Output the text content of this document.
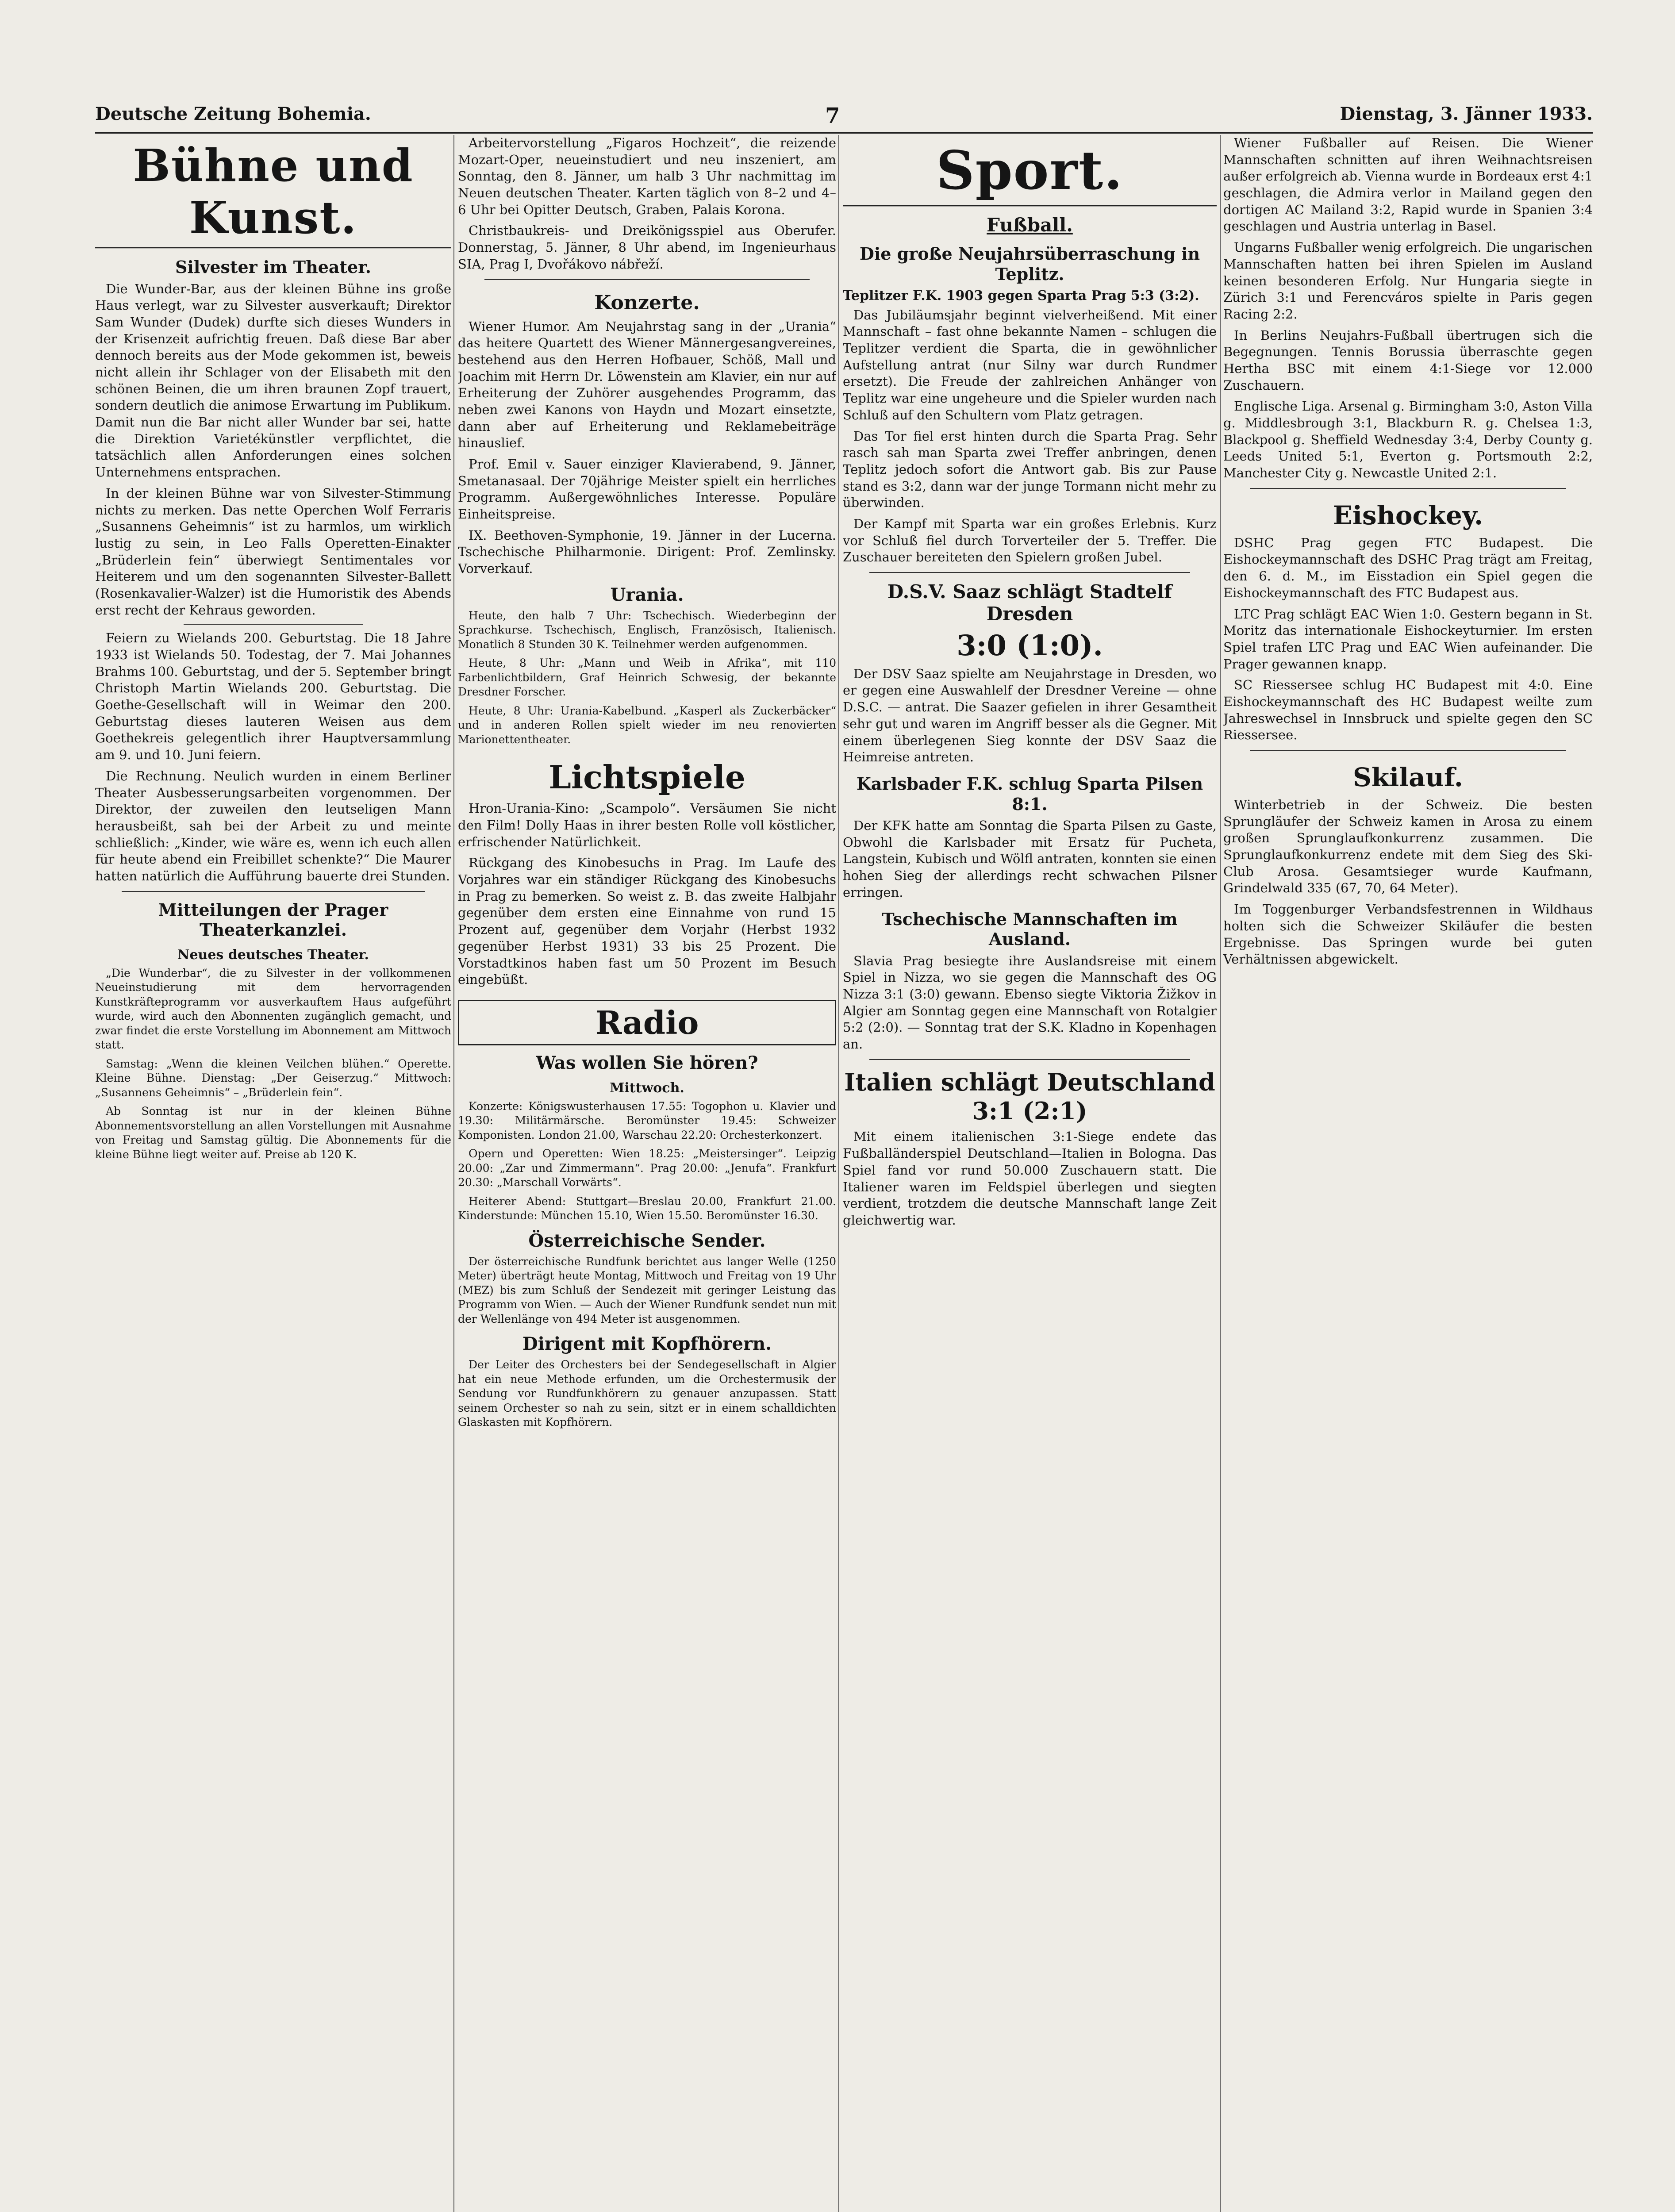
Deutsche Zeitung Bohemia.	7	Dienstag, 3. Jänner 1933.
Bühne und Kunst.
Silvester im Theater.

Die Wunder-Bar, aus der kleinen Bühne ins große Haus verlegt, war zu Silvester ausverkauft; Direktor Sam Wunder (Dudek) durfte sich dieses Wunders in der Krisenzeit aufrichtig freuen. Daß diese Bar aber dennoch bereits aus der Mode gekommen ist, beweis nicht allein ihr Schlager von der Elisabeth mit den schönen Beinen, die um ihren braunen Zopf trauert, sondern deutlich die animose Erwartung im Publikum. Damit nun die Bar nicht aller Wunder bar sei, hatte die Direktion Varietékünstler verpflichtet, die tatsächlich allen Anforderungen eines solchen Unternehmens entsprachen.

In der kleinen Bühne war von Silvester-Stimmung nichts zu merken. Das nette Operchen Wolf Ferraris „Susannens Geheimnis“ ist zu harmlos, um wirklich lustig zu sein, in Leo Falls Operetten-Einakter „Brüderlein fein“ überwiegt Sentimentales vor Heiterem und um den sogenannten Silvester-Ballett (Rosenkavalier-Walzer) ist die Humoristik des Abends erst recht der Kehraus geworden.

Feiern zu Wielands 200. Geburtstag. Die 18 Jahre 1933 ist Wielands 50. Todestag, der 7. Mai Johannes Brahms 100. Geburtstag, und der 5. September bringt Christoph Martin Wielands 200. Geburtstag. Die Goethe-Gesellschaft will in Weimar den 200. Geburtstag dieses lauteren Weisen aus dem Goethekreis gelegentlich ihrer Hauptversammlung am 9. und 10. Juni feiern.

Die Rechnung. Neulich wurden in einem Berliner Theater Ausbesserungsarbeiten vorgenommen. Der Direktor, der zuweilen den leutseligen Mann herausbeißt, sah bei der Arbeit zu und meinte schließlich: „Kinder, wie wäre es, wenn ich euch allen für heute abend ein Freibillet schenkte?“ Die Maurer hatten natürlich die Aufführung bauerte drei Stunden.

Mitteilungen der Prager Theaterkanzlei.
Neues deutsches Theater.

„Die Wunderbar“, die zu Silvester in der vollkommenen Neueinstudierung mit dem hervorragenden Kunstkräfteprogramm vor ausverkauftem Haus aufgeführt wurde, wird auch den Abonnenten zugänglich gemacht, und zwar findet die erste Vorstellung im Abonnement am Mittwoch statt.

Samstag: „Wenn die kleinen Veilchen blühen.“ Operette. Kleine Bühne. Dienstag: „Der Geiserzug.“ Mittwoch: „Susannens Geheimnis“ – „Brüderlein fein“.

Ab Sonntag ist nur in der kleinen Bühne Abonnementsvorstellung an allen Vorstellungen mit Ausnahme von Freitag und Samstag gültig. Die Abonnements für die kleine Bühne liegt weiter auf. Preise ab 120 K.

Arbeitervorstellung „Figaros Hochzeit“, die reizende Mozart-Oper, neueinstudiert und neu inszeniert, am Sonntag, den 8. Jänner, um halb 3 Uhr nachmittag im Neuen deutschen Theater. Karten täglich von 8–2 und 4–6 Uhr bei Opitter Deutsch, Graben, Palais Korona.

Christbaukreis- und Dreikönigsspiel aus Oberufer. Donnerstag, 5. Jänner, 8 Uhr abend, im Ingenieurhaus SIA, Prag I, Dvořákovo nábřeží.

Konzerte.

Wiener Humor. Am Neujahrstag sang in der „Urania“ das heitere Quartett des Wiener Männergesangvereines, bestehend aus den Herren Hofbauer, Schöß, Mall und Joachim mit Herrn Dr. Löwenstein am Klavier, ein nur auf Erheiterung der Zuhörer ausgehendes Programm, das neben zwei Kanons von Haydn und Mozart einsetzte, dann aber auf Erheiterung und Reklamebeiträge hinauslief.

Prof. Emil v. Sauer einziger Klavierabend, 9. Jänner, Smetanasaal. Der 70jährige Meister spielt ein herrliches Programm. Außergewöhnliches Interesse. Populäre Einheitspreise.

IX. Beethoven-Symphonie, 19. Jänner in der Lucerna. Tschechische Philharmonie. Dirigent: Prof. Zemlinsky. Vorverkauf.

Urania.

Heute, den halb 7 Uhr: Tschechisch. Wiederbeginn der Sprachkurse. Tschechisch, Englisch, Französisch, Italienisch. Monatlich 8 Stunden 30 K. Teilnehmer werden aufgenommen.

Heute, 8 Uhr: „Mann und Weib in Afrika“, mit 110 Farbenlichtbildern, Graf Heinrich Schwesig, der bekannte Dresdner Forscher.

Heute, 8 Uhr: Urania-Kabelbund. „Kasperl als Zuckerbäcker“ und in anderen Rollen spielt wieder im neu renovierten Marionettentheater.

Lichtspiele

Hron-Urania-Kino: „Scampolo“. Versäumen Sie nicht den Film! Dolly Haas in ihrer besten Rolle voll köstlicher, erfrischender Natürlichkeit.

Rückgang des Kinobesuchs in Prag. Im Laufe des Vorjahres war ein ständiger Rückgang des Kinobesuchs in Prag zu bemerken. So weist z. B. das zweite Halbjahr gegenüber dem ersten eine Einnahme von rund 15 Prozent auf, gegenüber dem Vorjahr (Herbst 1932 gegenüber Herbst 1931) 33 bis 25 Prozent. Die Vorstadtkinos haben fast um 50 Prozent im Besuch eingebüßt.

Radio
Was wollen Sie hören?
Mittwoch.

Konzerte: Königswusterhausen 17.55: Togophon u. Klavier und 19.30: Militärmärsche. Beromünster 19.45: Schweizer Komponisten. London 21.00, Warschau 22.20: Orchesterkonzert.

Opern und Operetten: Wien 18.25: „Meistersinger“. Leipzig 20.00: „Zar und Zimmermann“. Prag 20.00: „Jenufa“. Frankfurt 20.30: „Marschall Vorwärts“.

Heiterer Abend: Stuttgart—Breslau 20.00, Frankfurt 21.00. Kinderstunde: München 15.10, Wien 15.50. Beromünster 16.30.

Österreichische Sender.

Der österreichische Rundfunk berichtet aus langer Welle (1250 Meter) überträgt heute Montag, Mittwoch und Freitag von 19 Uhr (MEZ) bis zum Schluß der Sendezeit mit geringer Leistung das Programm von Wien. — Auch der Wiener Rundfunk sendet nun mit der Wellenlänge von 494 Meter ist ausgenommen.

Dirigent mit Kopfhörern.

Der Leiter des Orchesters bei der Sendegesellschaft in Algier hat ein neue Methode erfunden, um die Orchestermusik der Sendung vor Rundfunkhörern zu genauer anzupassen. Statt seinem Orchester so nah zu sein, sitzt er in einem schalldichten Glaskasten mit Kopfhörern.

Sport.
Fußball.
Die große Neujahrsüberraschung in Teplitz.
Teplitzer F.K. 1903 gegen Sparta Prag 5:3 (3:2).

Das Jubiläumsjahr beginnt vielverheißend. Mit einer Mannschaft – fast ohne bekannte Namen – schlugen die Teplitzer verdient die Sparta, die in gewöhnlicher Aufstellung antrat (nur Silny war durch Rundmer ersetzt). Die Freude der zahlreichen Anhänger von Teplitz war eine ungeheure und die Spieler wurden nach Schluß auf den Schultern vom Platz getragen.

Das Tor fiel erst hinten durch die Sparta Prag. Sehr rasch sah man Sparta zwei Treffer anbringen, denen Teplitz jedoch sofort die Antwort gab. Bis zur Pause stand es 3:2, dann war der junge Tormann nicht mehr zu überwinden.

Der Kampf mit Sparta war ein großes Erlebnis. Kurz vor Schluß fiel durch Torverteiler der 5. Treffer. Die Zuschauer bereiteten den Spielern großen Jubel.

D.S.V. Saaz schlägt Stadtelf Dresden
3:0 (1:0).

Der DSV Saaz spielte am Neujahrstage in Dresden, wo er gegen eine Auswahlelf der Dresdner Vereine — ohne D.S.C. — antrat. Die Saazer gefielen in ihrer Gesamtheit sehr gut und waren im Angriff besser als die Gegner. Mit einem überlegenen Sieg konnte der DSV Saaz die Heimreise antreten.

Karlsbader F.K. schlug Sparta Pilsen 8:1.

Der KFK hatte am Sonntag die Sparta Pilsen zu Gaste, Obwohl die Karlsbader mit Ersatz für Pucheta, Langstein, Kubisch und Wölfl antraten, konnten sie einen hohen Sieg der allerdings recht schwachen Pilsner erringen.

Tschechische Mannschaften im Ausland.

Slavia Prag besiegte ihre Auslandsreise mit einem Spiel in Nizza, wo sie gegen die Mannschaft des OG Nizza 3:1 (3:0) gewann. Ebenso siegte Viktoria Žižkov in Algier am Sonntag gegen eine Mannschaft von Rotalgier 5:2 (2:0). — Sonntag trat der S.K. Kladno in Kopenhagen an.

Italien schlägt Deutschland 3:1 (2:1)

Mit einem italienischen 3:1-Siege endete das Fußballänderspiel Deutschland—Italien in Bologna. Das Spiel fand vor rund 50.000 Zuschauern statt. Die Italiener waren im Feldspiel überlegen und siegten verdient, trotzdem die deutsche Mannschaft lange Zeit gleichwertig war.

Wiener Fußballer auf Reisen. Die Wiener Mannschaften schnitten auf ihren Weihnachtsreisen außer erfolgreich ab. Vienna wurde in Bordeaux erst 4:1 geschlagen, die Admira verlor in Mailand gegen den dortigen AC Mailand 3:2, Rapid wurde in Spanien 3:4 geschlagen und Austria unterlag in Basel.

Ungarns Fußballer wenig erfolgreich. Die ungarischen Mannschaften hatten bei ihren Spielen im Ausland keinen besonderen Erfolg. Nur Hungaria siegte in Zürich 3:1 und Ferencváros spielte in Paris gegen Racing 2:2.

In Berlins Neujahrs-Fußball übertrugen sich die Begegnungen. Tennis Borussia überraschte gegen Hertha BSC mit einem 4:1-Siege vor 12.000 Zuschauern.

Englische Liga. Arsenal g. Birmingham 3:0, Aston Villa g. Middlesbrough 3:1, Blackburn R. g. Chelsea 1:3, Blackpool g. Sheffield Wednesday 3:4, Derby County g. Leeds United 5:1, Everton g. Portsmouth 2:2, Manchester City g. Newcastle United 2:1.

Eishockey.

DSHC Prag gegen FTC Budapest. Die Eishockeymannschaft des DSHC Prag trägt am Freitag, den 6. d. M., im Eisstadion ein Spiel gegen die Eishockeymannschaft des FTC Budapest aus.

LTC Prag schlägt EAC Wien 1:0. Gestern begann in St. Moritz das internationale Eishockeyturnier. Im ersten Spiel trafen LTC Prag und EAC Wien aufeinander. Die Prager gewannen knapp.

SC Riessersee schlug HC Budapest mit 4:0. Eine Eishockeymannschaft des HC Budapest weilte zum Jahreswechsel in Innsbruck und spielte gegen den SC Riessersee.

Skilauf.

Winterbetrieb in der Schweiz. Die besten Sprungläufer der Schweiz kamen in Arosa zu einem großen Sprunglaufkonkurrenz zusammen. Die Sprunglaufkonkurrenz endete mit dem Sieg des Ski-Club Arosa. Gesamtsieger wurde Kaufmann, Grindelwald 335 (67, 70, 64 Meter).

Im Toggenburger Verbandsfestrennen in Wildhaus holten sich die Schweizer Skiläufer die besten Ergebnisse. Das Springen wurde bei guten Verhältnissen abgewickelt.
